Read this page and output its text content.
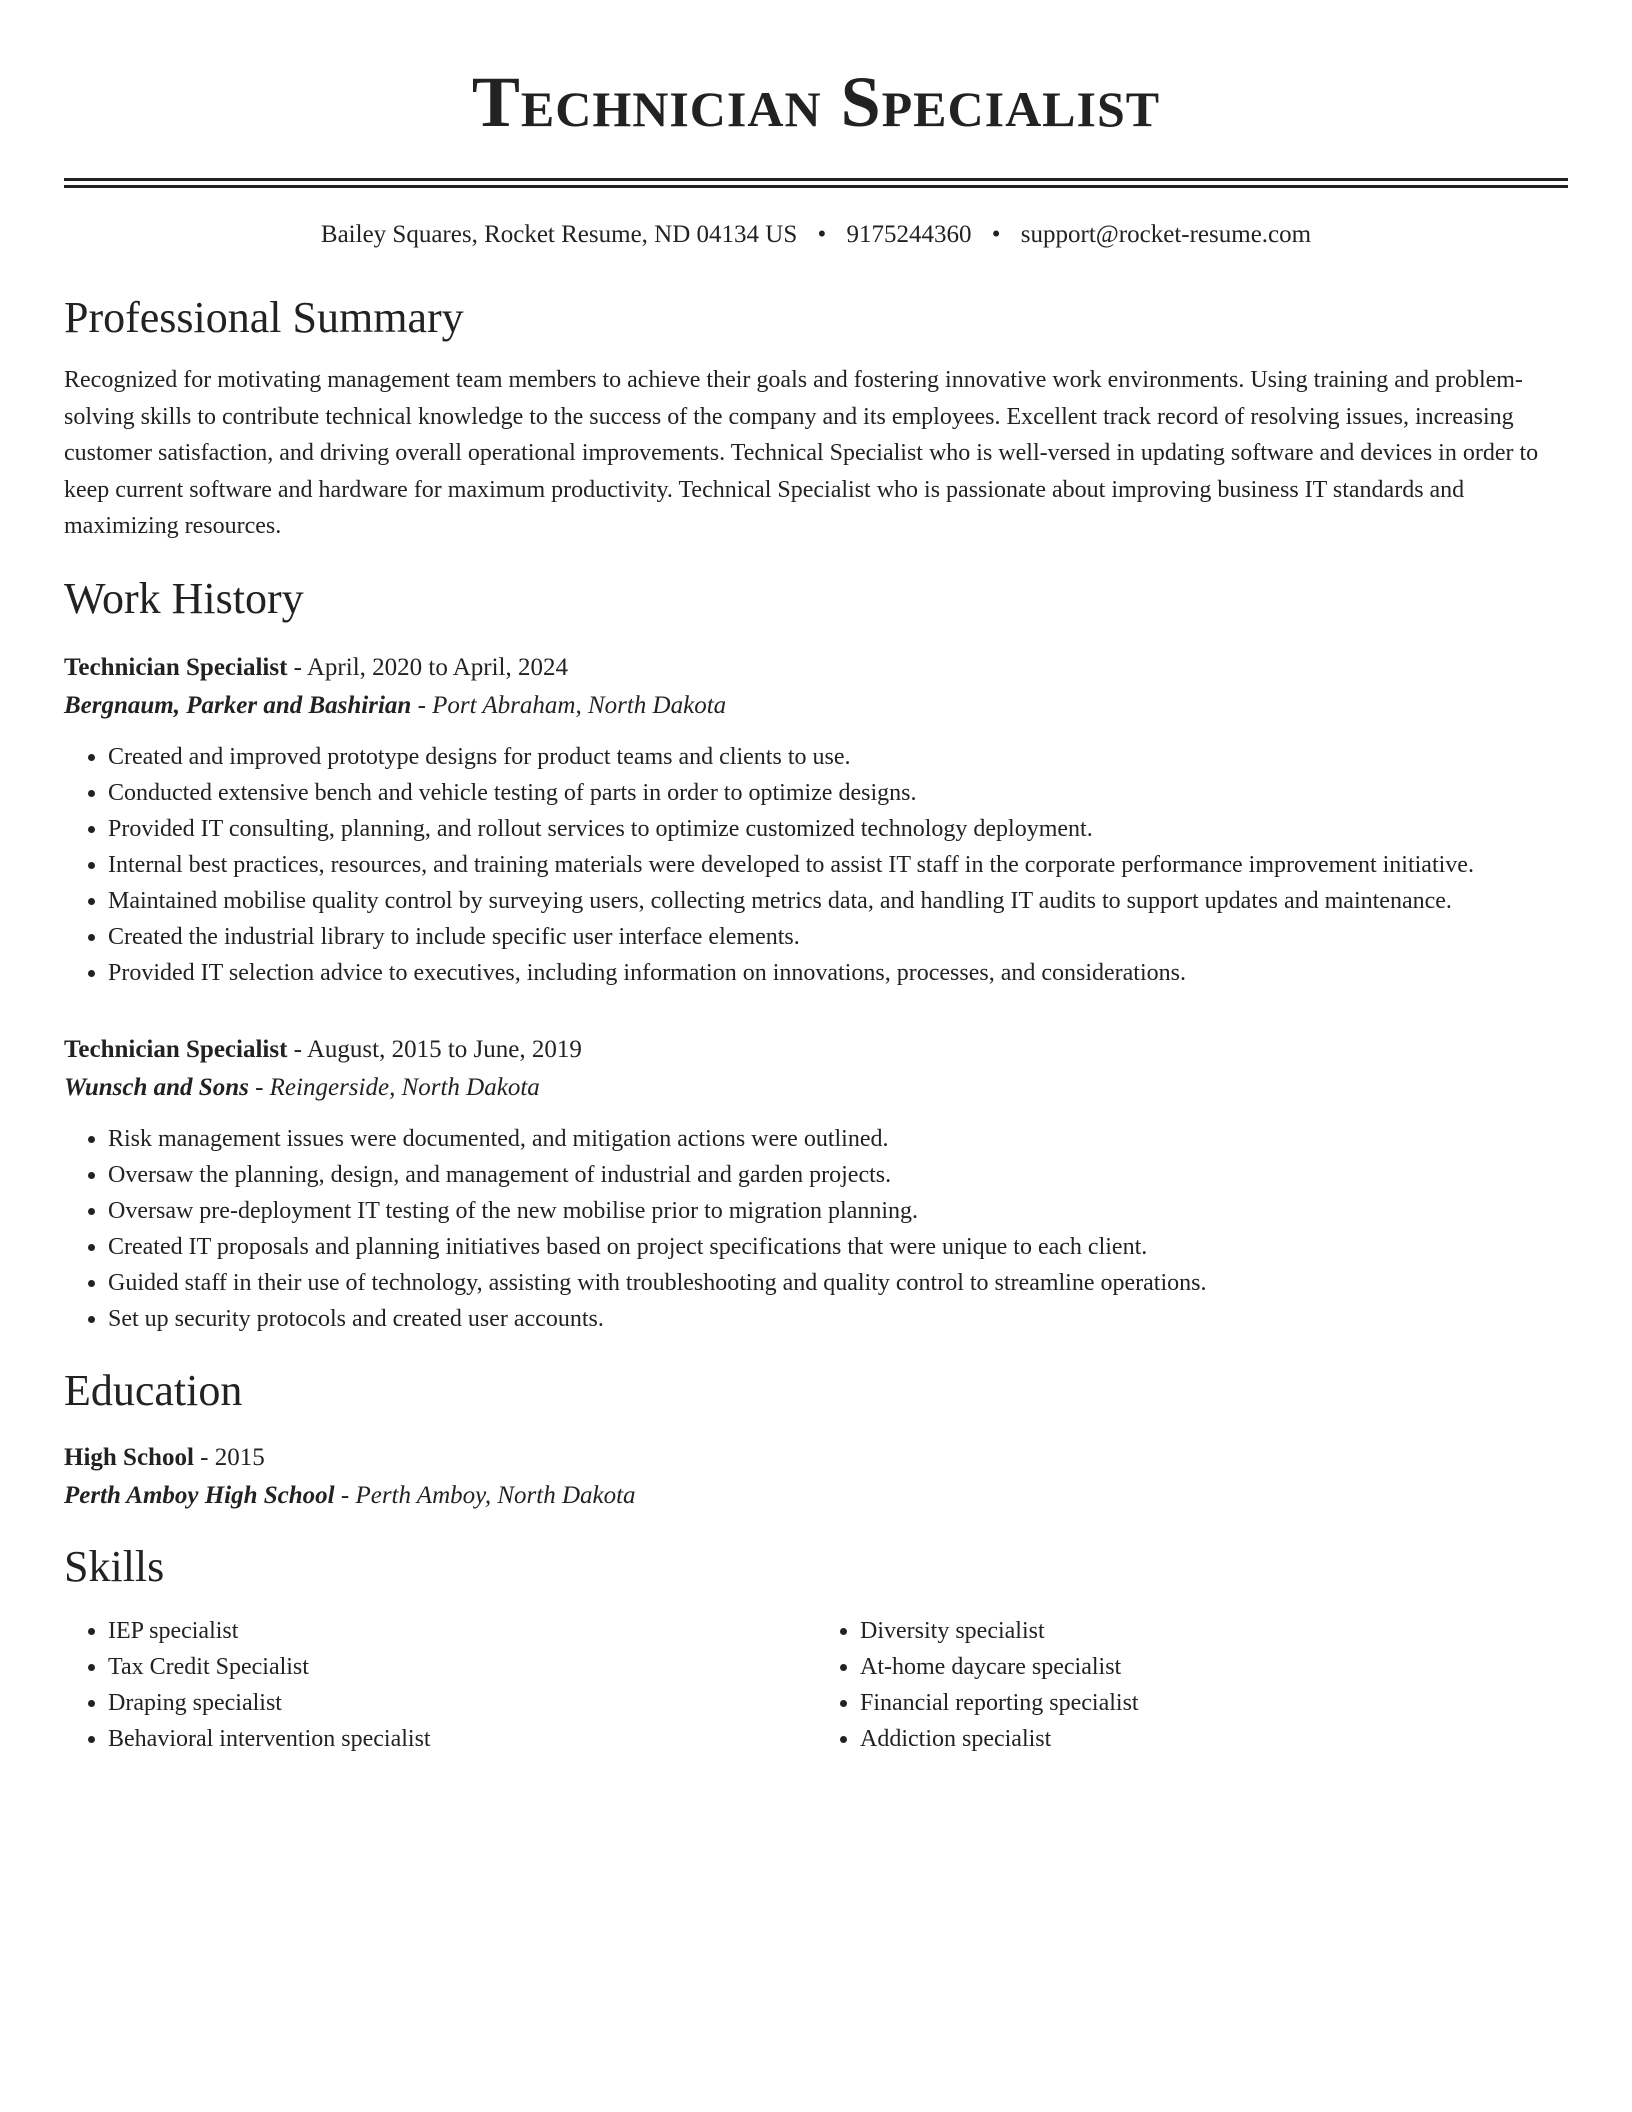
Technician Specialist
Bailey Squares, Rocket Resume, ND 04134 US • 9175244360 • support@rocket-resume.com
Professional Summary

Recognized for motivating management team members to achieve their goals and fostering innovative work environments. Using training and problem-solving skills to contribute technical knowledge to the success of the company and its employees. Excellent track record of resolving issues, increasing customer satisfaction, and driving overall operational improvements. Technical Specialist who is well-versed in updating software and devices in order to keep current software and hardware for maximum productivity. Technical Specialist who is passionate about improving business IT standards and maximizing resources.

Work History
Technician Specialist - April, 2020 to April, 2024
Bergnaum, Parker and Bashirian - Port Abraham, North Dakota
• Created and improved prototype designs for product teams and clients to use.
• Conducted extensive bench and vehicle testing of parts in order to optimize designs.
• Provided IT consulting, planning, and rollout services to optimize customized technology deployment.
• Internal best practices, resources, and training materials were developed to assist IT staff in the corporate performance improvement initiative.
• Maintained mobilise quality control by surveying users, collecting metrics data, and handling IT audits to support updates and maintenance.
• Created the industrial library to include specific user interface elements.
• Provided IT selection advice to executives, including information on innovations, processes, and considerations.
Technician Specialist - August, 2015 to June, 2019
Wunsch and Sons - Reingerside, North Dakota
• Risk management issues were documented, and mitigation actions were outlined.
• Oversaw the planning, design, and management of industrial and garden projects.
• Oversaw pre-deployment IT testing of the new mobilise prior to migration planning.
• Created IT proposals and planning initiatives based on project specifications that were unique to each client.
• Guided staff in their use of technology, assisting with troubleshooting and quality control to streamline operations.
• Set up security protocols and created user accounts.
Education
High School - 2015
Perth Amboy High School - Perth Amboy, North Dakota
Skills
• IEP specialist
• Tax Credit Specialist
• Draping specialist
• Behavioral intervention specialist
• Diversity specialist
• At-home daycare specialist
• Financial reporting specialist
• Addiction specialist
